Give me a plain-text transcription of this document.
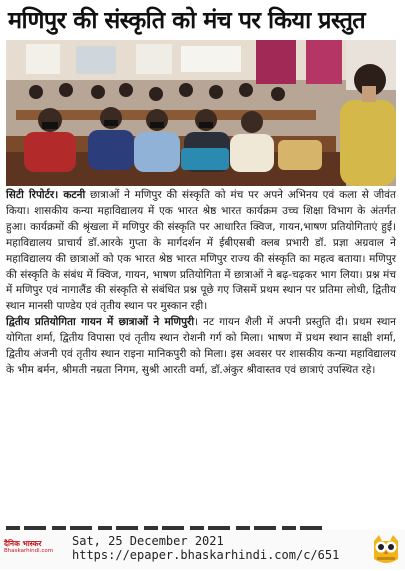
मणिपुर की संस्कृति को मंच पर किया प्रस्तुत

सिटी रिपोर्टर। कटनी छात्राओं ने मणिपुर की संस्कृति को मंच पर अपने अभिनय एवं कला से जीवंत किया। शासकीय कन्या महाविद्यालय में एक भारत श्रेष्ठ भारत कार्यक्रम उच्च शिक्षा विभाग के अंतर्गत हुआ। कार्यक्रमों की श्रृंखला में मणिपुर की संस्कृति पर आधारित क्विज, गायन,भाषण प्रतियोगिताएं हुईं। महाविद्यालय प्राचार्य डॉ.आरके गुप्ता के मार्गदर्शन में ईबीएसबी क्लब प्रभारी डॉ. प्रज्ञा अग्रवाल ने महाविद्यालय की छात्राओं को एक भारत श्रेष्ठ भारत मणिपुर राज्य की संस्कृति का महत्व बताया। मणिपुर की संस्कृति के संबंध में क्विज, गायन, भाषण प्रतियोगिता में छात्राओं ने बढ़-चढ़कर भाग लिया। प्रश्न मंच में मणिपुर एवं नागालैंड की संस्कृति से संबंधित प्रश्न पूछे गए जिसमें प्रथम स्थान पर प्रतिमा लोधी, द्वितीय स्थान मानसी पाण्डेय एवं तृतीय स्थान पर मुस्कान रही।

द्वितीय प्रतियोगिता गायन में छात्राओं ने मणिपुरी। नट गायन शैली में अपनी प्रस्तुति दी। प्रथम स्थान योगिता शर्मा, द्वितीय विपासा एवं तृतीय स्थान रोशनी गर्ग को मिला। भाषण में प्रथम स्थान साक्षी शर्मा, द्वितीय अंजनी एवं तृतीय स्थान राइना मानिकपुरी को मिला। इस अवसर पर शासकीय कन्या महाविद्यालय के भीम बर्मन, श्रीमती नम्रता निगम, सुश्री आरती वर्मा, डॉ.अंकुर श्रीवास्तव एवं छात्राएं उपस्थित रहे।

दैनिक भास्कर
Bhaskarhindi.com
Sat, 25 December 2021
https://epaper.bhaskarhindi.com/c/651
